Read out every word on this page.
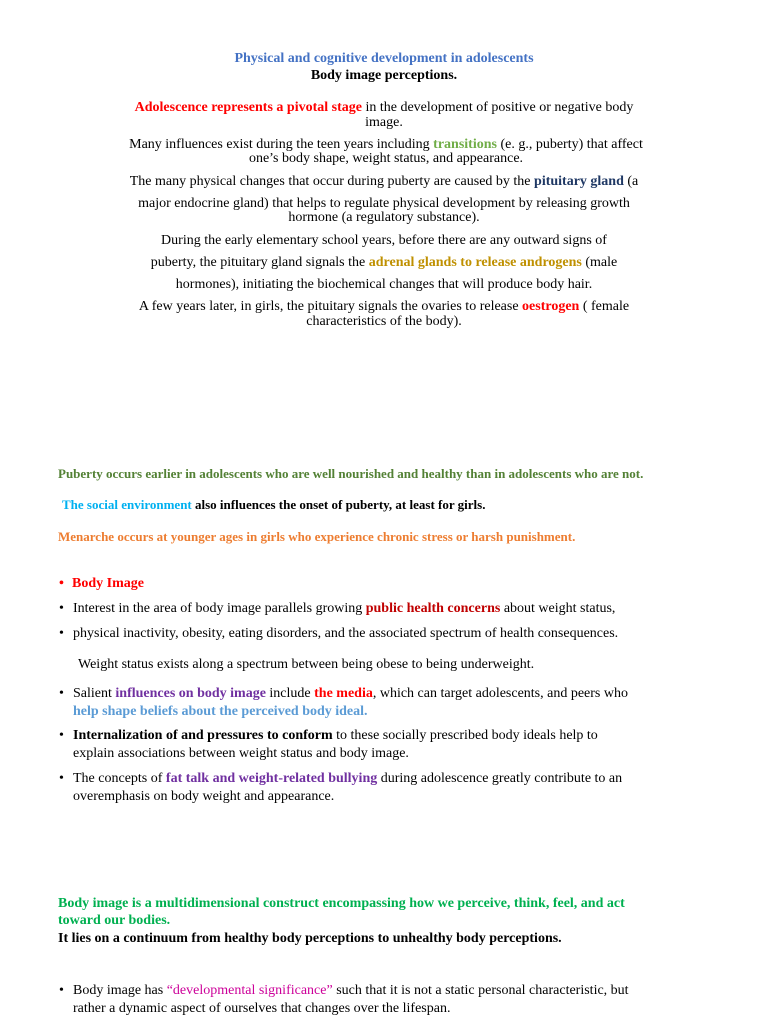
Physical and cognitive development in adolescents
Body image perceptions.
Adolescence represents a pivotal stage in the development of positive or negative body
image.
Many influences exist during the teen years including transitions (e. g., puberty) that affect
one’s body shape, weight status, and appearance.
The many physical changes that occur during puberty are caused by the pituitary gland (a
major endocrine gland) that helps to regulate physical development by releasing growth
hormone (a regulatory substance).
During the early elementary school years, before there are any outward signs of
puberty, the pituitary gland signals the adrenal glands to release androgens (male
hormones), initiating the biochemical changes that will produce body hair.
A few years later, in girls, the pituitary signals the ovaries to release oestrogen ( female
characteristics of the body).
Puberty occurs earlier in adolescents who are well nourished and healthy than in adolescents who are not.
The social environment also influences the onset of puberty, at least for girls.
Menarche occurs at younger ages in girls who experience chronic stress or harsh punishment.
• Body Image
• Interest in the area of body image parallels growing public health concerns about weight status,
• physical inactivity, obesity, eating disorders, and the associated spectrum of health consequences.
Weight status exists along a spectrum between being obese to being underweight.
• Salient influences on body image include the media, which can target adolescents, and peers who
help shape beliefs about the perceived body ideal.
• Internalization of and pressures to conform to these socially prescribed body ideals help to
explain associations between weight status and body image.
• The concepts of fat talk and weight-related bullying during adolescence greatly contribute to an
overemphasis on body weight and appearance.
Body image is a multidimensional construct encompassing how we perceive, think, feel, and act
toward our bodies.
It lies on a continuum from healthy body perceptions to unhealthy body perceptions.
• Body image has “developmental significance” such that it is not a static personal characteristic, but
rather a dynamic aspect of ourselves that changes over the lifespan.
